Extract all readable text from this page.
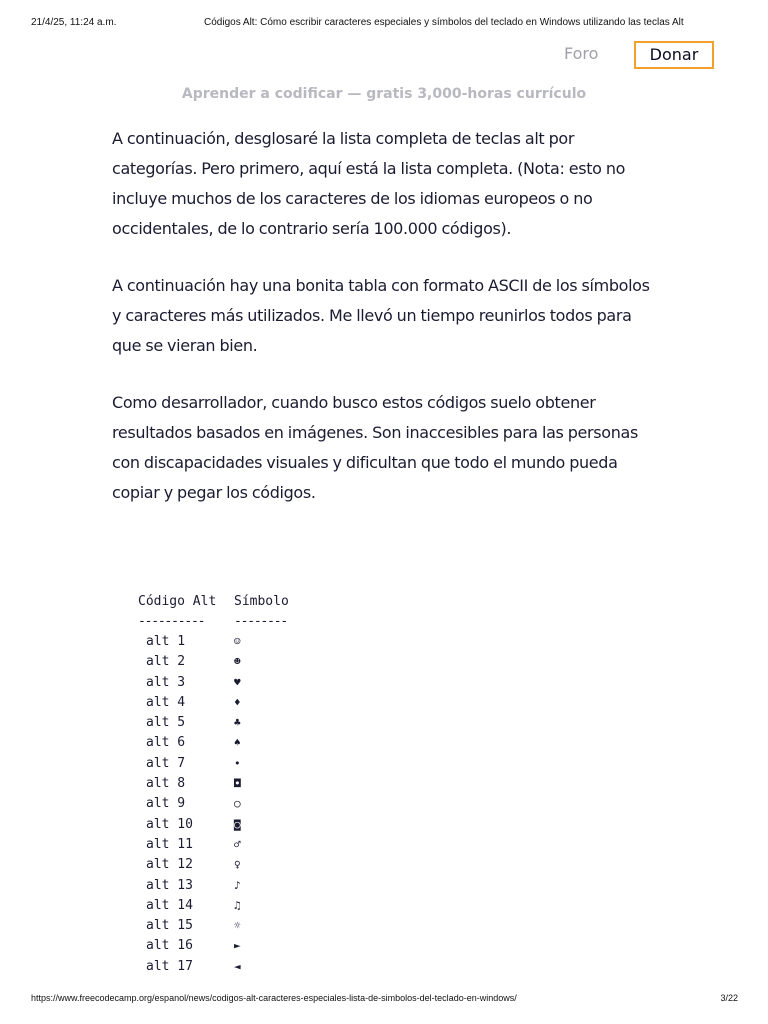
21/4/25, 11:24 a.m.	Códigos Alt: Cómo escribir caracteres especiales y símbolos del teclado en Windows utilizando las teclas Alt
Foro	Donar
Aprender a codificar — gratis 3,000-horas currículo

A continuación, desglosaré la lista completa de teclas alt por categorías. Pero primero, aquí está la lista completa. (Nota: esto no incluye muchos de los caracteres de los idiomas europeos o no occidentales, de lo contrario sería 100.000 códigos).

A continuación hay una bonita tabla con formato ASCII de los símbolos y caracteres más utilizados. Me llevó un tiempo reunirlos todos para que se vieran bien.

Como desarrollador, cuando busco estos códigos suelo obtener resultados basados en imágenes. Son inaccesibles para las personas con discapacidades visuales y dificultan que todo el mundo pueda copiar y pegar los códigos.

Código Alt	Símbolo
----------	--------
alt 1	☺
alt 2	☻
alt 3	♥
alt 4	♦
alt 5	♣
alt 6	♠
alt 7	•
alt 8	◘
alt 9	○
alt 10	◙
alt 11	♂
alt 12	♀
alt 13	♪
alt 14	♫
alt 15	☼
alt 16	►
alt 17	◄
https://www.freecodecamp.org/espanol/news/codigos-alt-caracteres-especiales-lista-de-simbolos-del-teclado-en-windows/	3/22
